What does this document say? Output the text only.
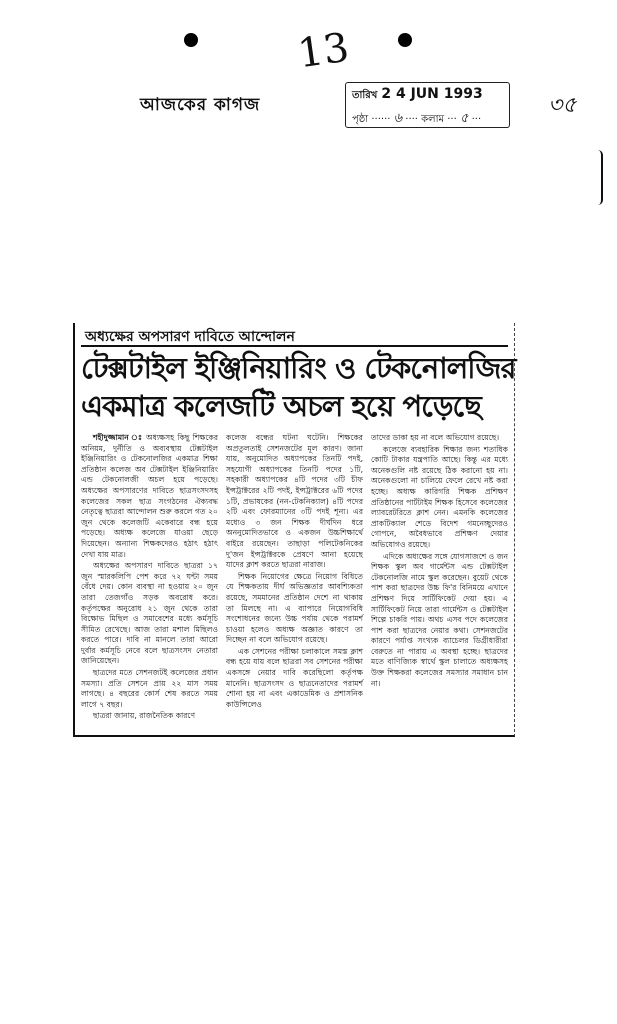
13
৩৫
আজকের কাগজ	তারিখ 2 4 JUN 1993
পৃষ্ঠা ······ ৬ ···· কলাম ··· ৫ ···
অধ্যক্ষের অপসারণ দাবিতে আন্দোলন
টেক্সটাইল ইঞ্জিনিয়ারিং ও টেকনোলজির
একমাত্র কলেজটি অচল হয়ে পড়েছে

শহীদুজ্জামান ঃ অধ্যক্ষসহ কিছু শিক্ষকের অনিয়ম, দুর্নীতি ও অব্যবস্থায় টেক্সটাইল ইঞ্জিনিয়ারিং ও টেকনোলজির একমাত্র শিক্ষা প্রতিষ্ঠান কলেজ অব টেক্সটাইল ইঞ্জিনিয়ারিং এন্ড টেকনোলজী অচল হয়ে পড়েছে। অধ্যক্ষের অপসারণের দাবিতে ছাত্রসংসদসহ কলেজের সকল ছাত্র সংগঠনের ঐক্যবদ্ধ নেতৃত্বে ছাত্ররা আন্দোলন শুরু করলে গত ২০ জুন থেকে কলেজটি একেবারে বন্ধ হয়ে পড়েছে। অধ্যক্ষ কলেজে যাওয়া ছেড়ে দিয়েছেন। অন্যান্য শিক্ষকদেরও হঠাৎ হঠাৎ দেখা যায় মাত্র।

অধ্যক্ষের অপসারণ দাবিতে ছাত্ররা ১৭ জুন স্মারকলিপি পেশ করে ৭২ ঘন্টা সময় বেঁধে দেয়। কোন ব্যবস্থা না হওয়ায় ২০ জুন তারা তেজগাঁও সড়ক অবরোধ করে। কর্তৃপক্ষের অনুরোধ ২১ জুন থেকে তারা বিক্ষোভ মিছিল ও সমাবেশের মধ্যে কর্মসূচি সীমিত রেখেছে। আজ তারা মশাল মিছিলও করতে পারে। দাবি না মানলে তারা আরো দুর্বার কর্মসূচি নেবে বলে ছাত্রসংসদ নেতারা জানিয়েছেন।

ছাত্রদের মতে সেশনজটই কলেজের প্রধান সমস্যা। প্রতি সেশনে প্রায় ২২ মাস সময় লাগছে। ৪ বছরের কোর্স শেষ করতে সময় লাগে ৭ বছর।

ছাত্ররা জানায়, রাজনৈতিক কারণে

কলেজ বন্ধের ঘটনা ঘটেনি। শিক্ষকের অপ্রতুলতাই সেশনজটের মূল কারণ। জানা যায়, অনুমোদিত অধ্যাপকের তিনটি পদই, সহযোগী অধ্যাপকের তিনটি পদের ১টি, সহকারী অধ্যাপকের ৪টি পদের ৩টি চীফ ইন্সট্রাক্টরের ২টি পদই, ইন্সট্রাক্টরের ৬টি পদের ১টি, প্রভাষকের (নন-টেকনিক্যাল) ৪টি পদের ২টি এবং ফোরম্যানের ৩টি পদই শূন্য। এর মধ্যেও ৩ জন শিক্ষক দীর্ঘদিন ধরে অননুমোদিতভাবে ও একজন উচ্চশিক্ষার্থে বাইরে রয়েছেন। তাছাড়া পলিটেকনিকের দু'জন ইন্সট্রাক্টরকে প্রেষণে আনা হয়েছে যাদের ক্লাশ করতে ছাত্ররা নারাজ।

শিক্ষক নিয়োগের ক্ষেত্রে নিয়োগ বিধিতে যে শিক্ষকতায় দীর্ঘ অভিজ্ঞতার আবশ্যিকতা রয়েছে, সমমানের প্রতিষ্ঠান দেশে না থাকায় তা মিলছে না। এ ব্যাপারে নিয়োগবিধি সংশোধনের জন্যে উচ্চ পর্যায় থেকে পরামর্শ চাওয়া হলেও অধ্যক্ষ অজ্ঞাত কারণে তা দিচ্ছেন না বলে অভিযোগ রয়েছে।

এক সেশনের পরীক্ষা চলাকালে সমস্ত ক্লাশ বন্ধ হয়ে যায় বলে ছাত্ররা সব সেশনের পরীক্ষা একসঙ্গে নেয়ার দাবি করেছিলো কর্তৃপক্ষ মানেনি। ছাত্রসংসদ ও ছাত্রনেতাদের পরামর্শ শোনা হয় না এবং একাডেমিক ও প্রশাসনিক কাউন্সিলেও

তাদের ডাকা হয় না বলে অভিযোগ রয়েছে।

কলেজে ব্যবহারিক শিক্ষার জন্য শতাধিক কোটি টাকার যন্ত্রপাতি আছে। কিন্তু এর মধ্যে অনেকগুলি নষ্ট রয়েছে ঠিক করানো হয় না। অনেকগুলো না চালিয়ে ফেলে রেখে নষ্ট করা হচ্ছে। অধ্যক্ষ কারিগরি শিক্ষক প্রশিক্ষণ প্রতিষ্ঠানের পার্টটাইম শিক্ষক হিসেবে কলেজের ল্যাবরেটরিতে ক্লাশ নেন। এমনকি কলেজের প্রাকটিক্যাল শেডে বিদেশ গমনেচ্ছুদেরও গোপনে, অবৈধভাবে প্রশিক্ষণ দেয়ার অভিযোগও রয়েছে।

এদিকে অধ্যক্ষের সঙ্গে যোগসাজশে ও জন শিক্ষক স্কুল অব গার্মেন্টস এন্ড টেক্সটাইল টেকনোলজি নামে স্কুল করেছেন। বুয়েট থেকে পাশ করা ছাত্রদের উচ্চ ফি'র বিনিময়ে এখানে প্রশিক্ষণ দিয়ে সার্টিফিকেট দেয়া হয়। এ সার্টিফিকেট নিয়ে তারা গার্মেন্টস ও টেক্সটাইল শিল্পে চাকরি পায়। অথচ এসব পদে কলেজের পাশ করা ছাত্রদের নেয়ার কথা। সেশনজটের কারণে পর্যাপ্ত সংখ্যক ব্যাচেলর ডিগ্রীধারীরা বেরুতে না পারায় এ অবস্থা হচ্ছে। ছাত্রদের মতে বাণিজ্যিক স্বার্থে স্কুল চালাতে অধ্যক্ষসহ উক্ত শিক্ষকরা কলেজের সমস্যার সমাধান চান না।
